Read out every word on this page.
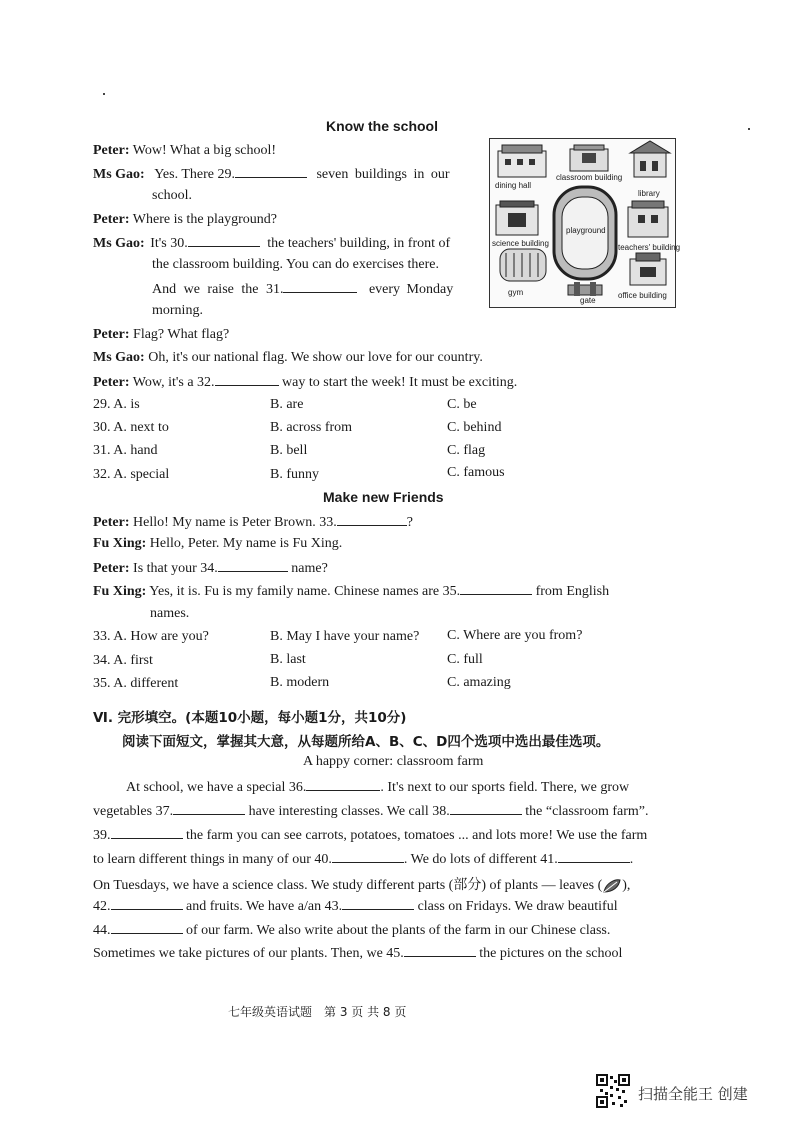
Know the school
Peter: Wow! What a big school!
Ms Gao: Yes. There 29.	seven buildings in our
school.
Peter: Where is the playground?
Ms Gao: It's 30.	the teachers' building, in front of
the classroom building. You can do exercises there.
And we raise the 31.	every Monday
morning.
Peter: Flag? What flag?
Ms Gao: Oh, it's our national flag. We show our love for our country.
Peter: Wow, it's a 32.	way to start the week! It must be exciting.
dining hall
classroom building
library
science building
playground
teachers' building
gym
gate
office building
29. A. is	B. are	C. be
30. A. next to	B. across from	C. behind
31. A. hand	B. bell	C. flag
32. A. special	B. funny	C. famous
Make new Friends
Peter: Hello! My name is Peter Brown. 33.	?
Fu Xing: Hello, Peter. My name is Fu Xing.
Peter: Is that your 34.	name?
Fu Xing: Yes, it is. Fu is my family name. Chinese names are 35.	from English
names.
33. A. How are you?	B. May I have your name? C. Where are you from?
34. A. first	B. last	C. full
35. A. different	B. modern	C. amazing
Ⅵ. 完形填空。(本题10小题，每小题1分，共10分)
阅读下面短文，掌握其大意，从每题所给A、B、C、D四个选项中选出最佳选项。
A happy corner: classroom farm
At school, we have a special 36.	. It's next to our sports field. There, we grow
vegetables 37.	have interesting classes. We call 38.	the “classroom farm”.
39.	the farm you can see carrots, potatoes, tomatoes ... and lots more! We use the farm
to learn different things in many of our 40.	. We do lots of different 41.	.
On Tuesdays, we have a science class. We study different parts (部分) of plants — leaves ( ),
42.	and fruits. We have a/an 43.	class on Fridays. We draw beautiful
44.	of our farm. We also write about the plants of the farm in our Chinese class.
Sometimes we take pictures of our plants. Then, we 45.	the pictures on the school
七年级英语试题　第 3 页 共 8 页
扫描全能王 创建
